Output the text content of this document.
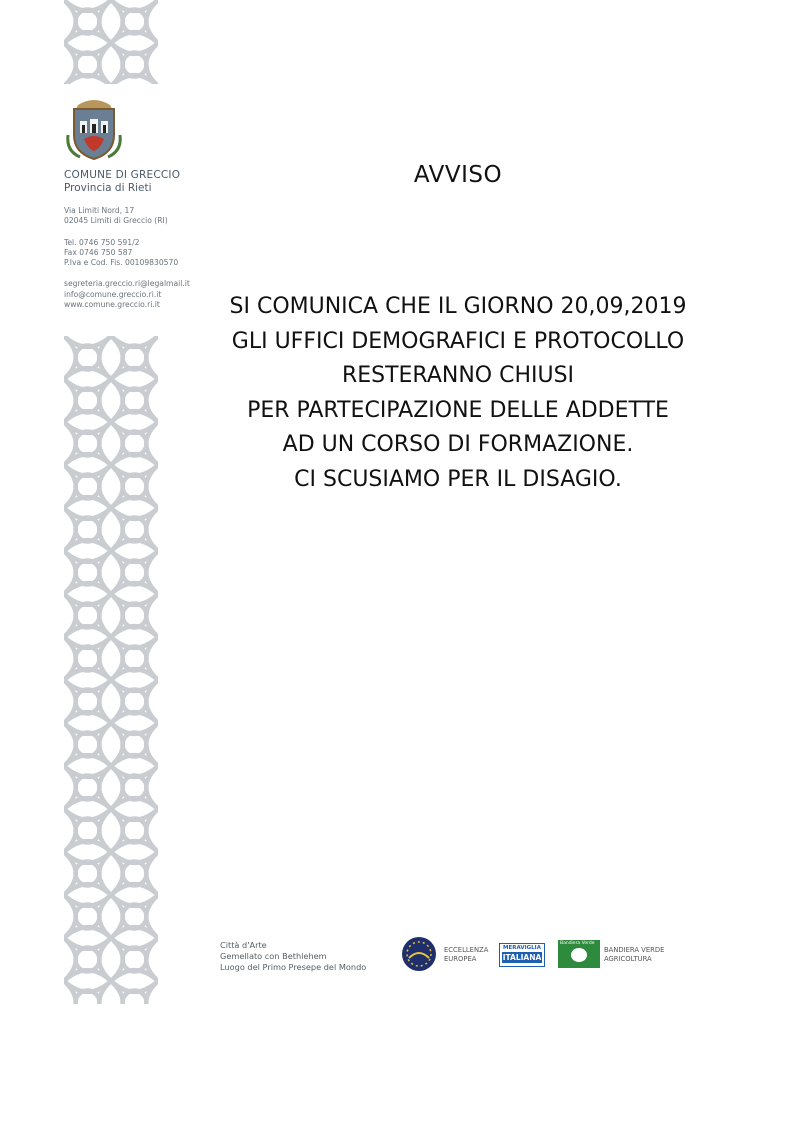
COMUNE DI GRECCIO
Provincia di Rieti
Via Limiti Nord, 17
02045 Limiti di Greccio (RI)
Tel. 0746 750 591/2
Fax 0746 750 587
P.Iva e Cod. Fis. 00109830570
segreteria.greccio.ri@legalmail.it
info@comune.greccio.ri.it
www.comune.greccio.ri.it
AVVISO
SI COMUNICA CHE IL GIORNO 20,09,2019
GLI UFFICI DEMOGRAFICI E PROTOCOLLO
RESTERANNO CHIUSI
PER PARTECIPAZIONE DELLE ADDETTE
AD UN CORSO DI FORMAZIONE.
CI SCUSIAMO PER IL DISAGIO.
Città d'Arte
Gemellato con Bethlehem
Luogo del Primo Presepe del Mondo
ECCELLENZA
EUROPEA
MERAVIGLIA
ITALIANA
Bandiera Verde
BANDIERA VERDE
AGRICOLTURA
